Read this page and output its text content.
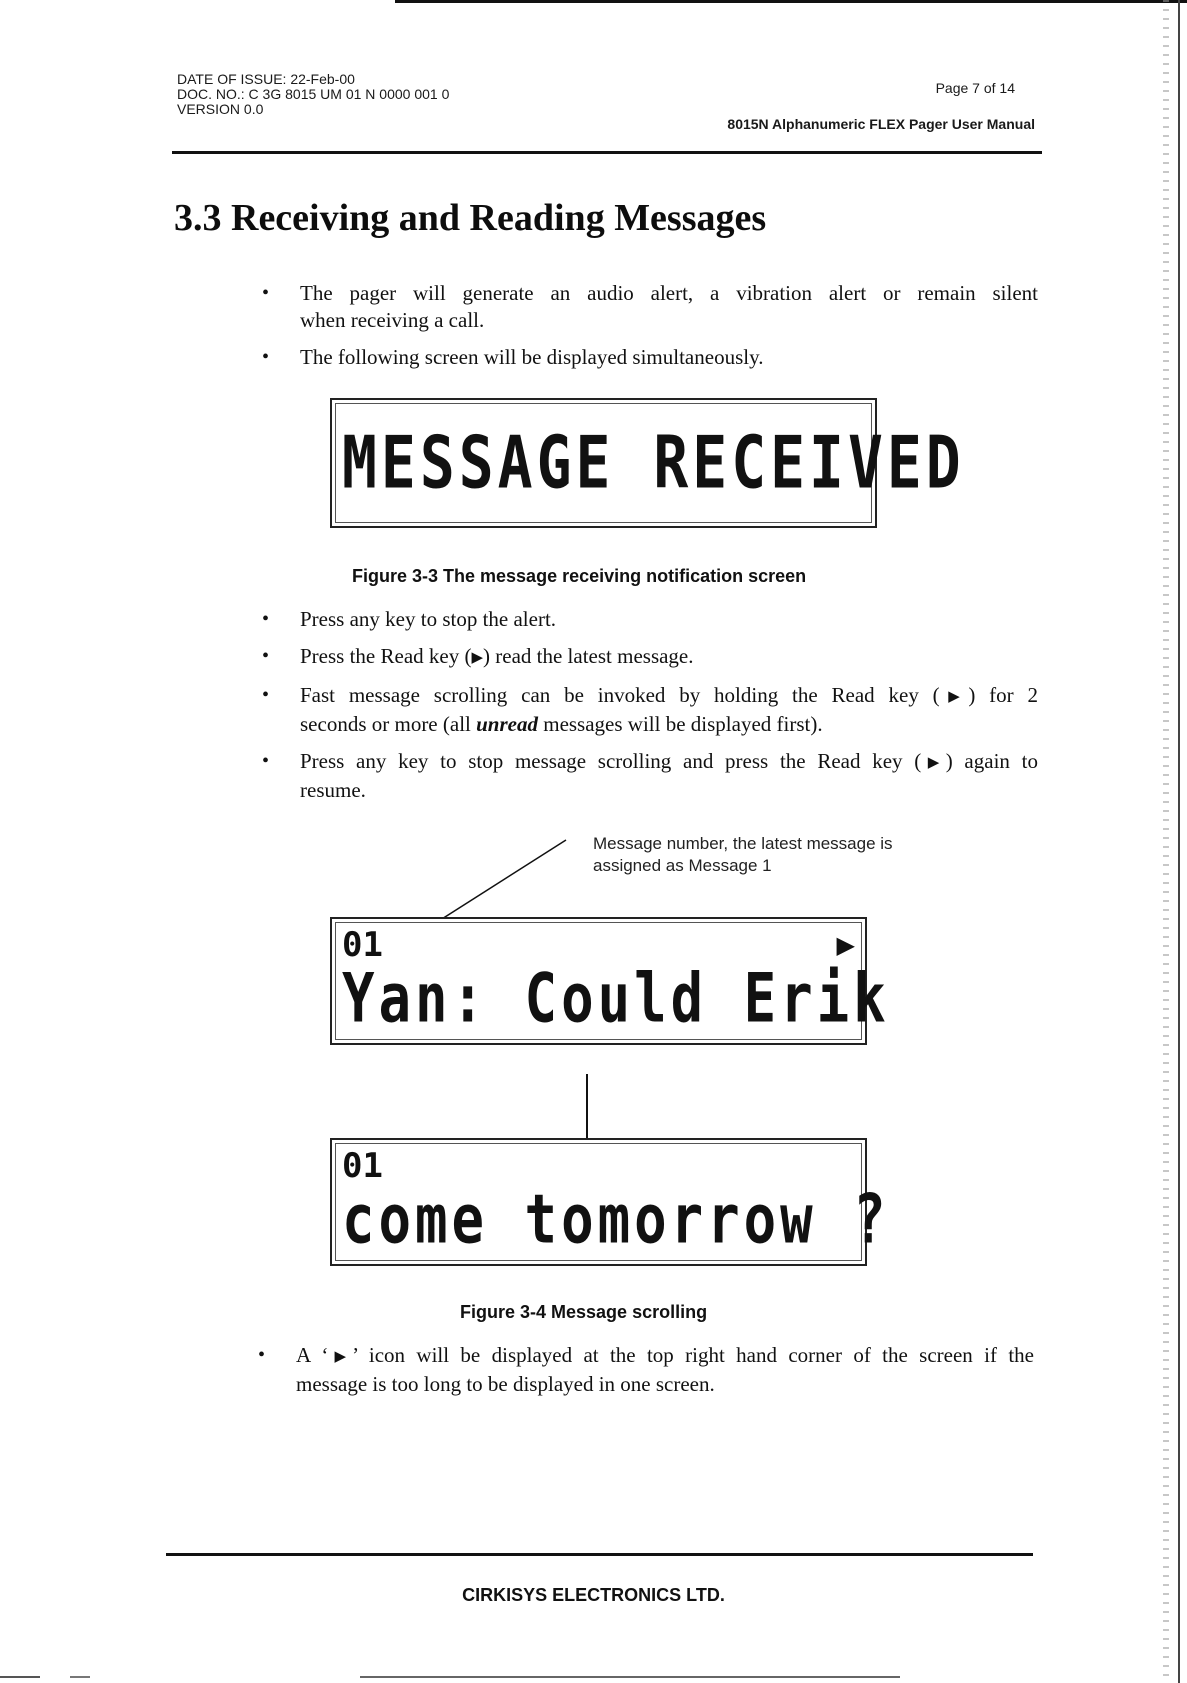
DATE OF ISSUE: 22-Feb-00
DOC. NO.: C 3G 8015 UM 01 N 0000 001 0
VERSION 0.0
Page 7 of 14
8015N Alphanumeric FLEX Pager User Manual
3.3 Receiving and Reading Messages

• The pager will generate an audio alert, a vibration alert or remain silent
when receiving a call.

• The following screen will be displayed simultaneously.

MESSAGE RECEIVED
Figure 3-3 The message receiving notification screen

• Press any key to stop the alert.

• Press the Read key (▶) read the latest message.

• Fast message scrolling can be invoked by holding the Read key (▶) for 2
seconds or more (all unread messages will be displayed first).

• Press any key to stop message scrolling and press the Read key (▶) again to
resume.

Message number, the latest message is
assigned as Message 1
01	▶
Yan: Could Erik
01
come tomorrow ?
Figure 3-4 Message scrolling

• A ‘▶’ icon will be displayed at the top right hand corner of the screen if the
message is too long to be displayed in one screen.

CIRKISYS ELECTRONICS LTD.
